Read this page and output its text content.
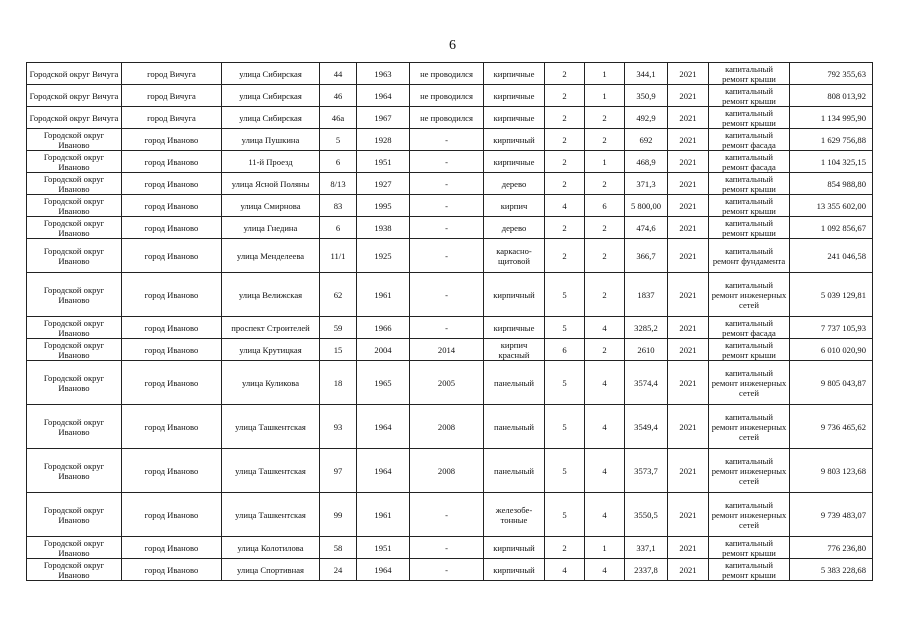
6
Городской округ Вичуга	город Вичуга	улица Сибирская	44	1963	не проводился	кирпичные	2	1	344,1	2021	капитальный ремонт крыши	792 355,63
Городской округ Вичуга	город Вичуга	улица Сибирская	46	1964	не проводился	кирпичные	2	1	350,9	2021	капитальный ремонт крыши	808 013,92
Городской округ Вичуга	город Вичуга	улица Сибирская	46а	1967	не проводился	кирпичные	2	2	492,9	2021	капитальный ремонт крыши	1 134 995,90
Городской округ Иваново	город Иваново	улица Пушкина	5	1928	-	кирпичный	2	2	692	2021	капитальный ремонт фасада	1 629 756,88
Городской округ Иваново	город Иваново	11-й Проезд	6	1951	-	кирпичные	2	1	468,9	2021	капитальный ремонт фасада	1 104 325,15
Городской округ Иваново	город Иваново	улица Ясной Поляны	8/13	1927	-	дерево	2	2	371,3	2021	капитальный ремонт крыши	854 988,80
Городской округ Иваново	город Иваново	улица Смирнова	83	1995	-	кирпич	4	6	5 800,00	2021	капитальный ремонт крыши	13 355 602,00
Городской округ Иваново	город Иваново	улица Гнедина	6	1938	-	дерево	2	2	474,6	2021	капитальный ремонт крыши	1 092 856,67
Городской округ Иваново	город Иваново	улица Менделеева	11/1	1925	-	каркасно-щитовой	2	2	366,7	2021	капитальный ремонт фундамента	241 046,58
Городской округ Иваново	город Иваново	улица Велижская	62	1961	-	кирпичный	5	2	1837	2021	капитальный ремонт инженерных сетей	5 039 129,81
Городской округ Иваново	город Иваново	проспект Строителей	59	1966	-	кирпичные	5	4	3285,2	2021	капитальный ремонт фасада	7 737 105,93
Городской округ Иваново	город Иваново	улица Крутицкая	15	2004	2014	кирпич красный	6	2	2610	2021	капитальный ремонт крыши	6 010 020,90
Городской округ Иваново	город Иваново	улица Куликова	18	1965	2005	панельный	5	4	3574,4	2021	капитальный ремонт инженерных сетей	9 805 043,87
Городской округ Иваново	город Иваново	улица Ташкентская	93	1964	2008	панельный	5	4	3549,4	2021	капитальный ремонт инженерных сетей	9 736 465,62
Городской округ Иваново	город Иваново	улица Ташкентская	97	1964	2008	панельный	5	4	3573,7	2021	капитальный ремонт инженерных сетей	9 803 123,68
Городской округ Иваново	город Иваново	улица Ташкентская	99	1961	-	железобе-тонные	5	4	3550,5	2021	капитальный ремонт инженерных сетей	9 739 483,07
Городской округ Иваново	город Иваново	улица Колотилова	58	1951	-	кирпичный	2	1	337,1	2021	капитальный ремонт крыши	776 236,80
Городской округ Иваново	город Иваново	улица Спортивная	24	1964	-	кирпичный	4	4	2337,8	2021	капитальный ремонт крыши	5 383 228,68
